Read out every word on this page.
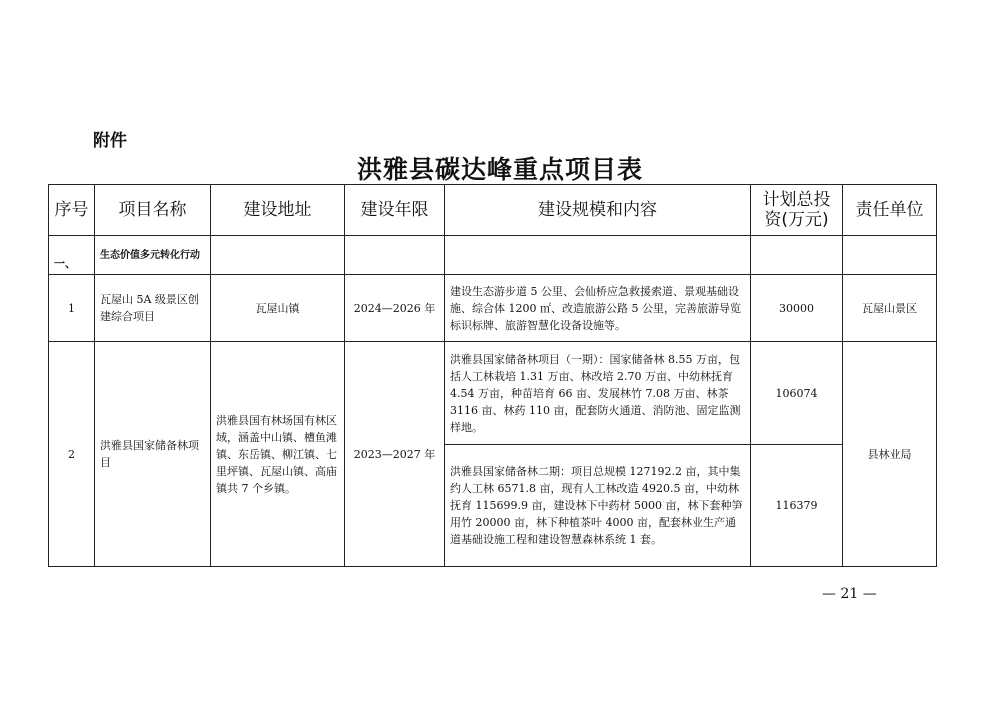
附件
洪雅县碳达峰重点项目表
序号	项目名称	建设地址	建设年限	建设规模和内容	计划总投资(万元)	责任单位
一、	生态价值多元转化行动					
1	瓦屋山 5A 级景区创建综合项目	瓦屋山镇	2024—2026 年	建设生态游步道 5 公里、会仙桥应急救援索道、景观基础设施、综合体 1200 ㎡、改造旅游公路 5 公里，完善旅游导览标识标牌、旅游智慧化设备设施等。	30000	瓦屋山景区
2	洪雅县国家储备林项目	洪雅县国有林场国有林区域，涵盖中山镇、槽鱼滩镇、东岳镇、柳江镇、七里坪镇、瓦屋山镇、高庙镇共 7 个乡镇。	2023—2027 年	洪雅县国家储备林项目（一期）：国家储备林 8.55 万亩，包括人工林栽培 1.31 万亩、林改培 2.70 万亩、中幼林抚育 4.54 万亩，种苗培育 66 亩、发展林竹 7.08 万亩、林茶 3116 亩、林药 110 亩，配套防火通道、消防池、固定监测样地。	106074	县林业局
				洪雅县国家储备林二期：项目总规模 127192.2 亩，其中集约人工林 6571.8 亩，现有人工林改造 4920.5 亩，中幼林抚育 115699.9 亩，建设林下中药材 5000 亩，林下套种笋用竹 20000 亩，林下种植茶叶 4000 亩，配套林业生产通道基础设施工程和建设智慧森林系统 1 套。	116379	
— 21 —
